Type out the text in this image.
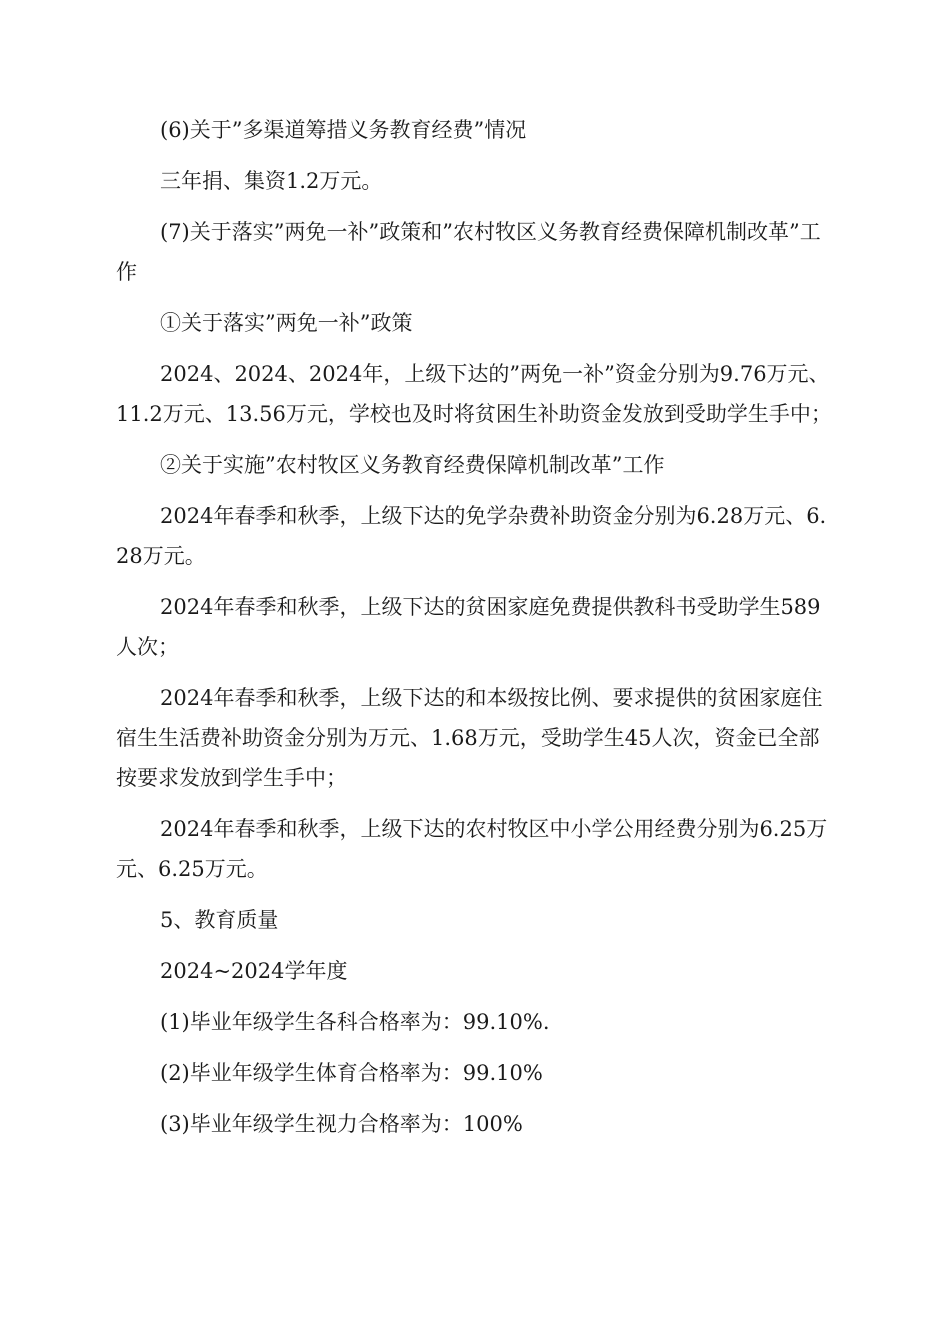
(6)关于”多渠道筹措义务教育经费”情况

三年捐、集资1.2万元。

(7)关于落实”两免一补”政策和”农村牧区义务教育经费保障机制改革”工作

①关于落实”两免一补”政策

2024、2024、2024年，上级下达的”两免一补”资金分别为9.76万元、11.2万元、13.56万元，学校也及时将贫困生补助资金发放到受助学生手中；

②关于实施”农村牧区义务教育经费保障机制改革”工作

2024年春季和秋季，上级下达的免学杂费补助资金分别为6.28万元、6.28万元。

2024年春季和秋季，上级下达的贫困家庭免费提供教科书受助学生589人次；

2024年春季和秋季，上级下达的和本级按比例、要求提供的贫困家庭住宿生生活费补助资金分别为万元、1.68万元，受助学生45人次，资金已全部按要求发放到学生手中；

2024年春季和秋季，上级下达的农村牧区中小学公用经费分别为6.25万元、6.25万元。

5、教育质量

2024~2024学年度

(1)毕业年级学生各科合格率为：99.10%.

(2)毕业年级学生体育合格率为：99.10%

(3)毕业年级学生视力合格率为：100%
